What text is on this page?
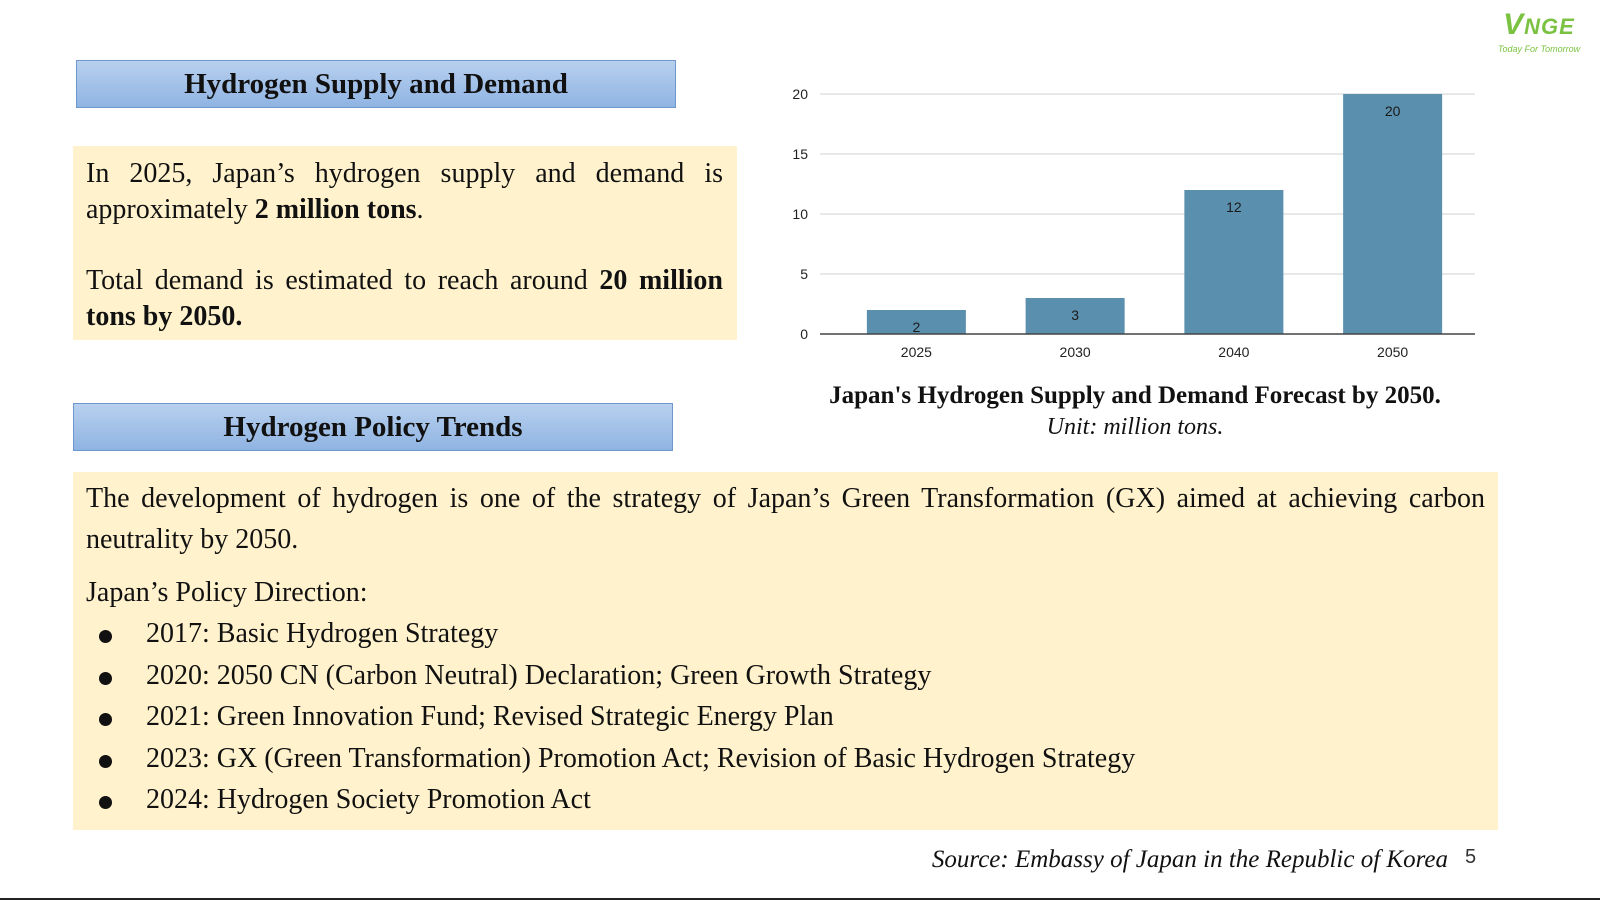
VNGE
Today For Tomorrow
Hydrogen Supply and Demand

In 2025, Japan’s hydrogen supply and demand is approximately 2 million tons.

Total demand is estimated to reach around 20 million tons by 2050.

0
5
10
15
20
2
2025
3
2030
12
2040
20
2050
Japan's Hydrogen Supply and Demand Forecast by 2050.
Unit: million tons.
Hydrogen Policy Trends

The development of hydrogen is one of the strategy of Japan’s Green Transformation (GX) aimed at achieving carbon neutrality by 2050.

Japan’s Policy Direction:

2017: Basic Hydrogen Strategy
2020: 2050 CN (Carbon Neutral) Declaration; Green Growth Strategy
2021: Green Innovation Fund; Revised Strategic Energy Plan
2023: GX (Green Transformation) Promotion Act; Revision of Basic Hydrogen Strategy
2024: Hydrogen Society Promotion Act
Source: Embassy of Japan in the Republic of Korea 5
